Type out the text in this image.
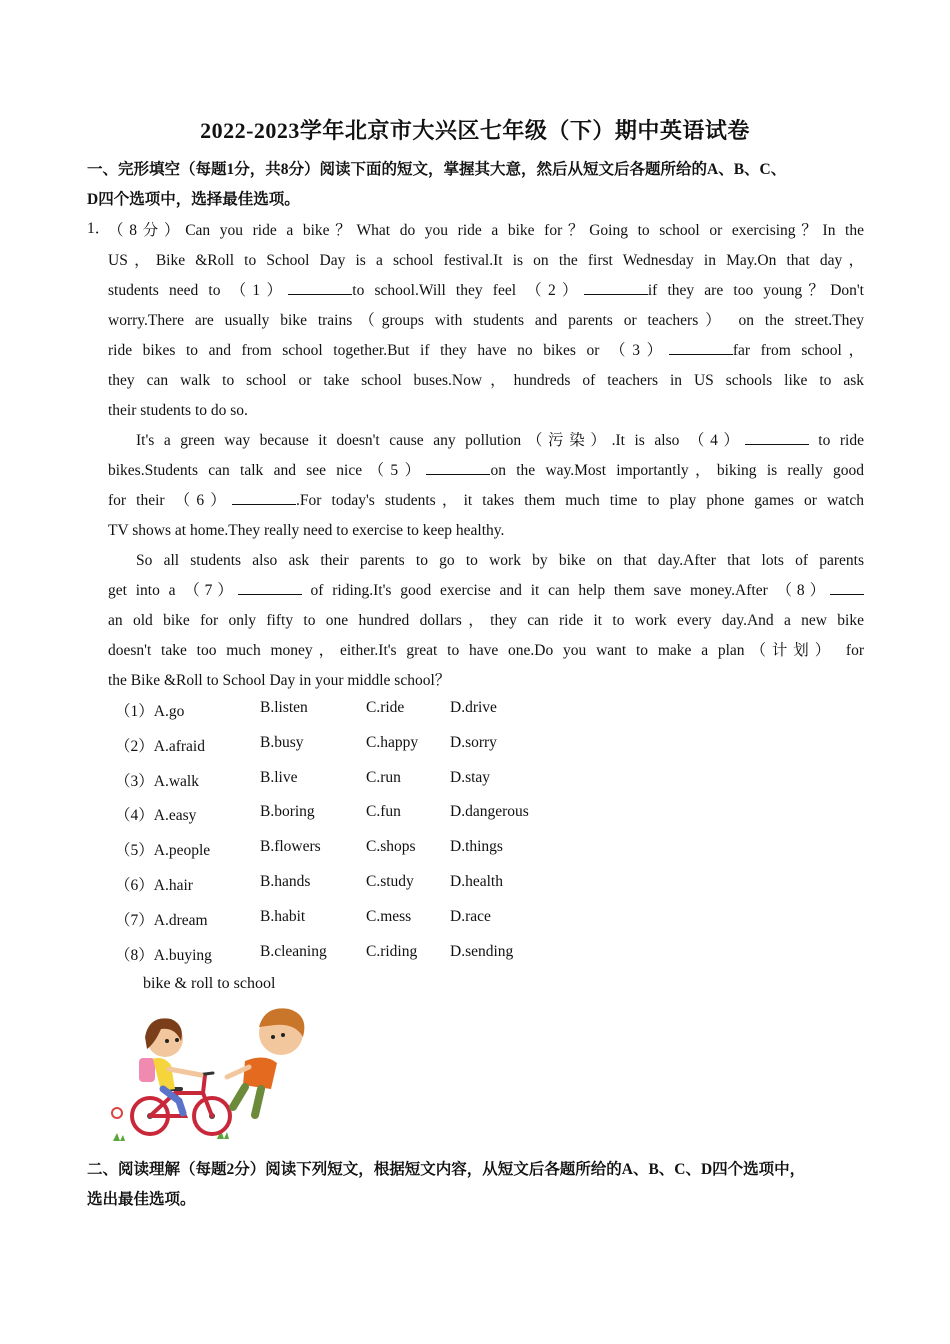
2022-2023学年北京市大兴区七年级（下）期中英语试卷
一、完形填空（每题1分，共8分）阅读下面的短文，掌握其大意，然后从短文后各题所给的A、B、C、
D四个选项中，选择最佳选项。
1．
（8分）Can you ride a bike？What do you ride a bike for？Going to school or exercising？In the
US，Bike &Roll to School Day is a school festival.It is on the first Wednesday in May.On that day，
students need to （1）	to school.Will they feel （2）	if they are too young？Don't
worry.There are usually bike trains（groups with students and parents or teachers） on the street.They
ride bikes to and from school together.But if they have no bikes or （3）	far from school，
they can walk to school or take school buses.Now，hundreds of teachers in US schools like to ask
their students to do so.
It's a green way because it doesn't cause any pollution（污染）.It is also （4）	to ride
bikes.Students can talk and see nice（5）	on the way.Most importantly，biking is really good
for their （6）	.For today's students，it takes them much time to play phone games or watch
TV shows at home.They really need to exercise to keep healthy.
So all students also ask their parents to go to work by bike on that day.After that lots of parents
get into a （7）	of riding.It's good exercise and it can help them save money.After （8）
an old bike for only fifty to one hundred dollars，they can ride it to work every day.And a new bike
doesn't take too much money，either.It's great to have one.Do you want to make a plan（计划） for
the Bike &Roll to School Day in your middle school？
（1）A.go	B.listen	C.ride	D.drive
（2）A.afraid	B.busy	C.happy D.sorry
（3）A.walk	B.live	C.run	D.stay
（4）A.easy	B.boring	C.fun	D.dangerous
（5）A.people	B.flowers	C.shops D.things
（6）A.hair	B.hands	C.study D.health
（7）A.dream	B.habit	C.mess	D.race
（8）A.buying	B.cleaning	C.riding D.sending
bike & roll to school
二、阅读理解（每题2分）阅读下列短文，根据短文内容，从短文后各题所给的A、B、C、D四个选项中，
选出最佳选项。
